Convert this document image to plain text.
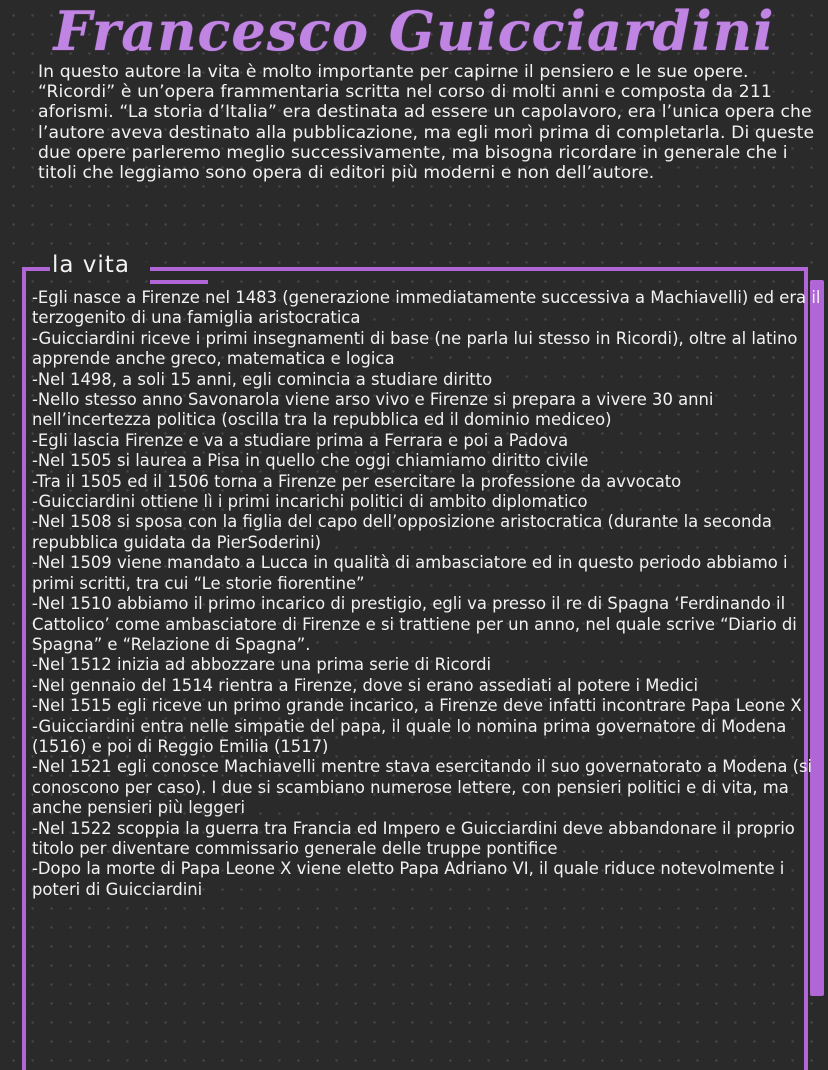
Francesco Guicciardini

In questo autore la vita è molto importante per capirne il pensiero e le sue opere. “Ricordi” è un’opera frammentaria scritta nel corso di molti anni e composta da 211 aforismi. “La storia d’Italia” era destinata ad essere un capolavoro, era l’unica opera che l’autore aveva destinato alla pubblicazione, ma egli morì prima di completarla. Di queste due opere parleremo meglio successivamente, ma bisogna ricordare in generale che i titoli che leggiamo sono opera di editori più moderni e non dell’autore.

la vita
-Egli nasce a Firenze nel 1483 (generazione immediatamente successiva a Machiavelli) ed era il terzogenito di una famiglia aristocratica
-Guicciardini riceve i primi insegnamenti di base (ne parla lui stesso in Ricordi), oltre al latino apprende anche greco, matematica e logica
-Nel 1498, a soli 15 anni, egli comincia a studiare diritto
-Nello stesso anno Savonarola viene arso vivo e Firenze si prepara a vivere 30 anni nell’incertezza politica (oscilla tra la repubblica ed il dominio mediceo)
-Egli lascia Firenze e va a studiare prima a Ferrara e poi a Padova
-Nel 1505 si laurea a Pisa in quello che oggi chiamiamo diritto civile
-Tra il 1505 ed il 1506 torna a Firenze per esercitare la professione da avvocato
-Guicciardini ottiene lì i primi incarichi politici di ambito diplomatico
-Nel 1508 si sposa con la figlia del capo dell’opposizione aristocratica (durante la seconda repubblica guidata da PierSoderini)
-Nel 1509 viene mandato a Lucca in qualità di ambasciatore ed in questo periodo abbiamo i primi scritti, tra cui “Le storie fiorentine”
-Nel 1510 abbiamo il primo incarico di prestigio, egli va presso il re di Spagna ‘Ferdinando il Cattolico’ come ambasciatore di Firenze e si trattiene per un anno, nel quale scrive “Diario di Spagna” e “Relazione di Spagna”.
-Nel 1512 inizia ad abbozzare una prima serie di Ricordi
-Nel gennaio del 1514 rientra a Firenze, dove si erano assediati al potere i Medici
-Nel 1515 egli riceve un primo grande incarico, a Firenze deve infatti incontrare Papa Leone X
-Guicciardini entra nelle simpatie del papa, il quale lo nomina prima governatore di Modena (1516) e poi di Reggio Emilia (1517)
-Nel 1521 egli conosce Machiavelli mentre stava esercitando il suo governatorato a Modena (si conoscono per caso). I due si scambiano numerose lettere, con pensieri politici e di vita, ma anche pensieri più leggeri
-Nel 1522 scoppia la guerra tra Francia ed Impero e Guicciardini deve abbandonare il proprio titolo per diventare commissario generale delle truppe pontifice
-Dopo la morte di Papa Leone X viene eletto Papa Adriano VI, il quale riduce notevolmente i poteri di Guicciardini
